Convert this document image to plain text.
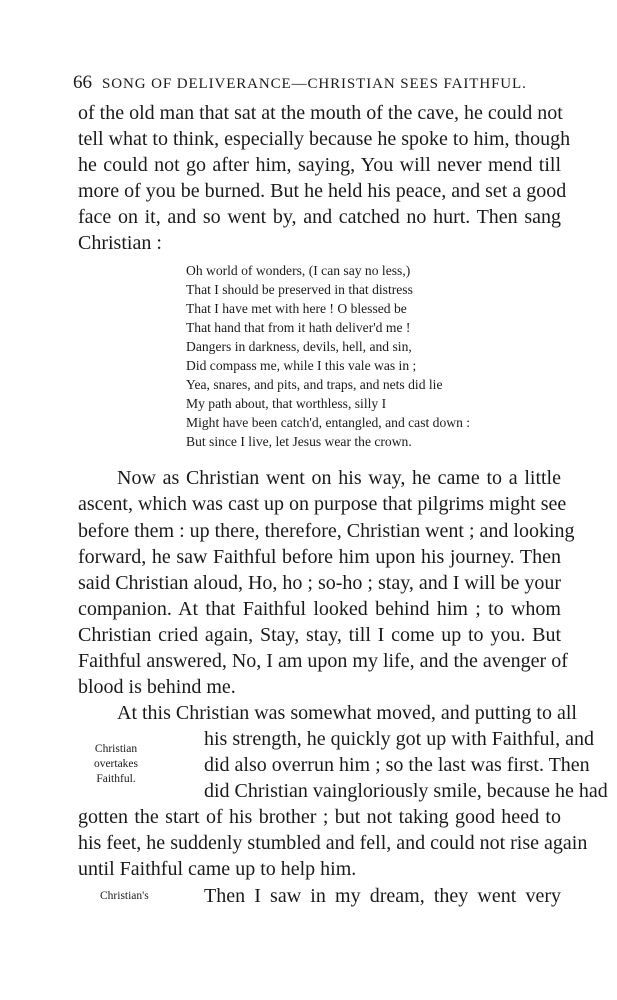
66 SONG OF DELIVERANCE—CHRISTIAN SEES FAITHFUL.
of the old man that sat at the mouth of the cave, he could not
tell what to think, especially because he spoke to him, though
he could not go after him, saying, You will never mend till
more of you be burned. But he held his peace, and set a good
face on it, and so went by, and catched no hurt. Then sang
Christian :
Oh world of wonders, (I can say no less,)
That I should be preserved in that distress
That I have met with here ! O blessed be
That hand that from it hath deliver'd me !
Dangers in darkness, devils, hell, and sin,
Did compass me, while I this vale was in ;
Yea, snares, and pits, and traps, and nets did lie
My path about, that worthless, silly I
Might have been catch'd, entangled, and cast down :
But since I live, let Jesus wear the crown.
Now as Christian went on his way, he came to a little
ascent, which was cast up on purpose that pilgrims might see
before them : up there, therefore, Christian went ; and looking
forward, he saw Faithful before him upon his journey. Then
said Christian aloud, Ho, ho ; so-ho ; stay, and I will be your
companion. At that Faithful looked behind him ; to whom
Christian cried again, Stay, stay, till I come up to you. But
Faithful answered, No, I am upon my life, and the avenger of
blood is behind me.
At this Christian was somewhat moved, and putting to all
his strength, he quickly got up with Faithful, and
did also overrun him ; so the last was first. Then
did Christian vaingloriously smile, because he had
gotten the start of his brother ; but not taking good heed to
his feet, he suddenly stumbled and fell, and could not rise again
until Faithful came up to help him.
Then I saw in my dream, they went very
Christian
overtakes
Faithful.
Christian's
